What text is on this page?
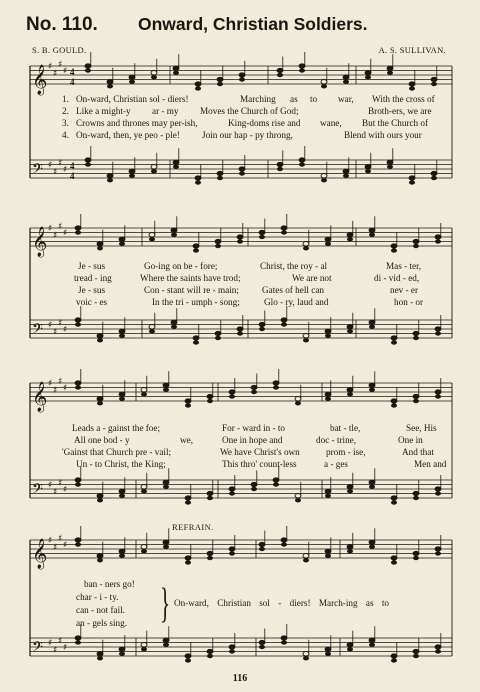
No. 110. Onward, Christian Soldiers.
S. B. GOULD.	A. S. SULLIVAN.
𝄞 ♯
♯
♯
♯ 4
4
𝄢 ♯
♯
♯
♯ 4
4
𝄞 ♯
♯
♯
♯
𝄢 ♯
♯
♯
♯
𝄞 ♯
♯
♯
♯
𝄢 ♯
♯
♯
♯
𝄞 ♯
♯
♯
♯
𝄢 ♯
♯
♯
♯
1. On-ward, Christian sol - diers!	Marching as to war, With the cross of
2. Like a might-y ar - my Moves the Church of God;	Broth-ers, we are
3. Crowns and thrones may per-ish,	King-doms rise and wane, But the Church of
4. On-ward, then, ye peo - ple! Join our hap - py throng,	Blend with ours your
Je - sus	Go-ing on be - fore;	Christ, the roy - al	Mas - ter,
tread - ing	Where the saints have trod;	We are not	di - vid - ed,
Je - sus	Con - stant will re - main;	Gates of hell can	nev - er
voic - es	In the tri - umph - song;	Glo - ry, laud and	hon - or
Leads a - gainst the foe;	For - ward in - to	bat - tle,	See, His
All one bod - y	we,	One in hope and	doc - trine,	One in
'Gainst that Church pre - vail;	We have Christ's own	prom - ise,	And that
Un - to Christ, the King;	This thro' count-less	a - ges	Men and
REFRAIN.
ban - ners go!
char - i - ty.
can - not fail.
an - gels sing. } On-ward, Christian sol - diers! March-ing as to
116
